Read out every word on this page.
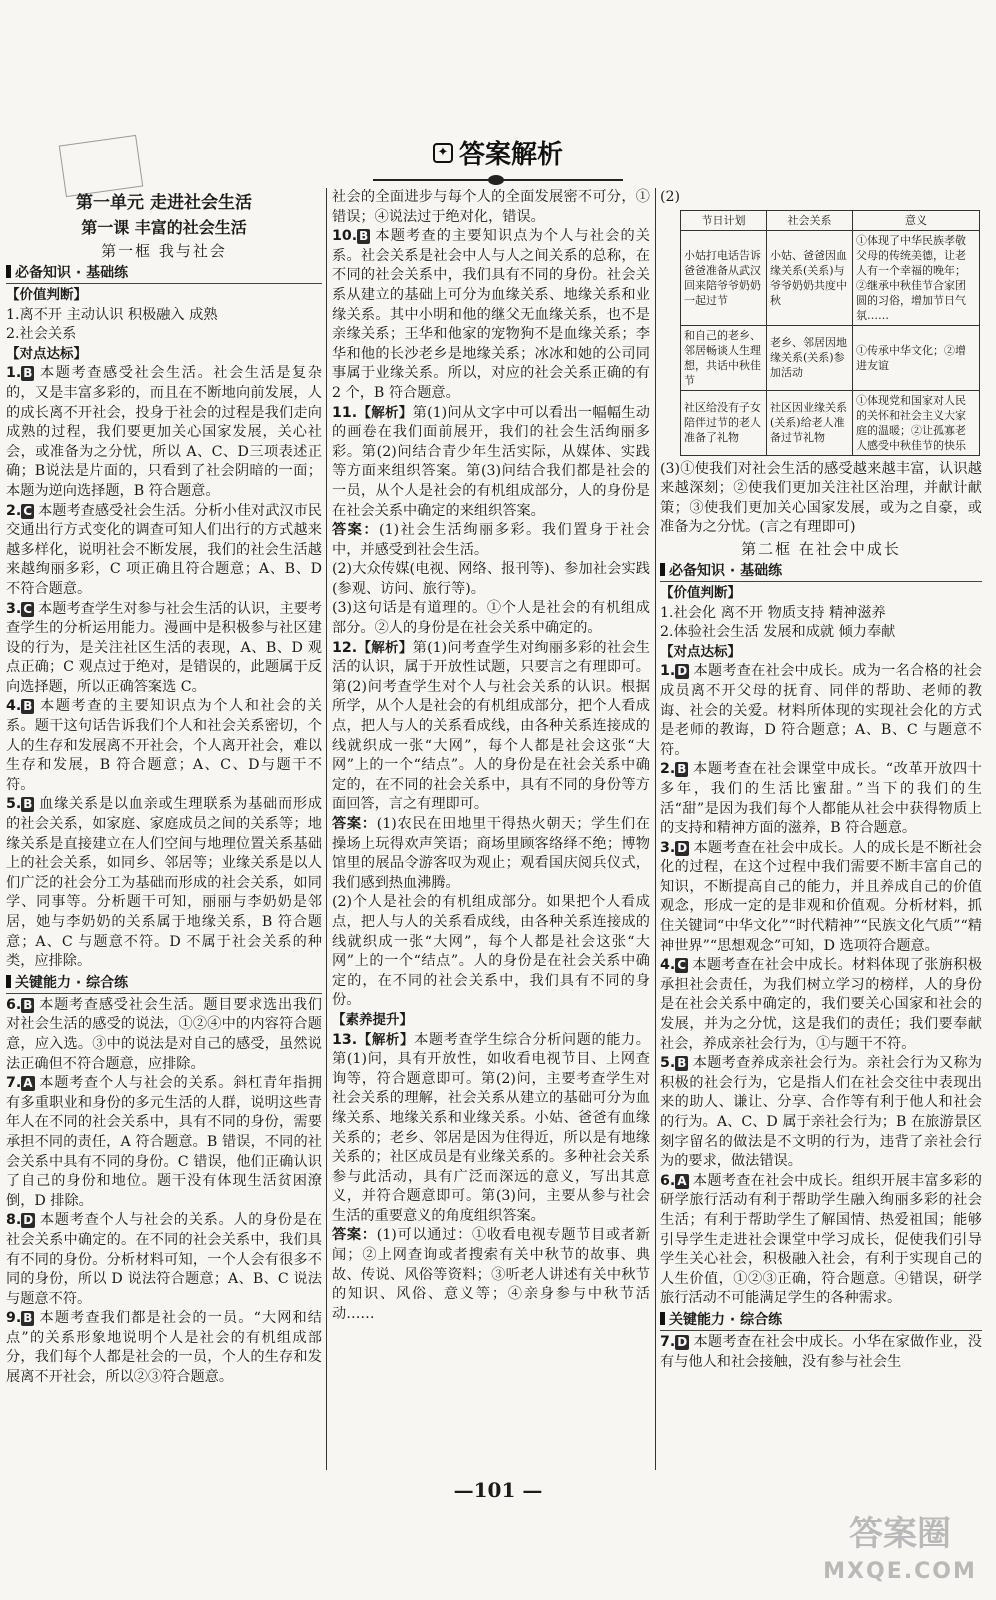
✦ 答案解析
第一单元 走进社会生活
第一课 丰富的社会生活
第一框 我与社会
必备知识 · 基础练
【价值判断】
1.离不开 主动认识 积极融入 成熟
2.社会关系
【对点达标】
1. B 本题考查感受社会生活。社会生活是复杂的，又是丰富多彩的，而且在不断地向前发展，人的成长离不开社会，投身于社会的过程是我们走向成熟的过程，我们要更加关心国家发展，关心社会，或准备为之分忧，所以 A、C、D三项表述正确；B说法是片面的，只看到了社会阴暗的一面；本题为逆向选择题，B 符合题意。
2. C 本题考查感受社会生活。分析小佳对武汉市民交通出行方式变化的调查可知人们出行的方式越来越多样化，说明社会不断发展，我们的社会生活越来越绚丽多彩，C 项正确且符合题意；A、B、D不符合题意。
3. C 本题考查学生对参与社会生活的认识，主要考查学生的分析运用能力。漫画中是积极参与社区建设的行为，是关注社区生活的表现，A、B、D 观点正确；C 观点过于绝对，是错误的，此题属于反向选择题，所以正确答案选 C。
4. B 本题考查的主要知识点为个人和社会的关系。题干这句话告诉我们个人和社会关系密切，个人的生存和发展离不开社会，个人离开社会，难以生存和发展，B 符合题意；A、C、D与题干不符。
5. B 血缘关系是以血亲或生理联系为基础而形成的社会关系，如家庭、家庭成员之间的关系等；地缘关系是直接建立在人们空间与地理位置关系基础上的社会关系，如同乡、邻居等；业缘关系是以人们广泛的社会分工为基础而形成的社会关系，如同学、同事等。分析题干可知，丽丽与李奶奶是邻居，她与李奶奶的关系属于地缘关系，B 符合题意；A、C 与题意不符。D 不属于社会关系的种类，应排除。
关键能力 · 综合练
6. B 本题考查感受社会生活。题目要求选出我们对社会生活的感受的说法，①②④中的内容符合题意，应入选。③中的说法是对自己的感受，虽然说法正确但不符合题意，应排除。
7. A 本题考查个人与社会的关系。斜杠青年指拥有多重职业和身份的多元生活的人群，说明这些青年人在不同的社会关系中，具有不同的身份，需要承担不同的责任，A 符合题意。B 错误，不同的社会关系中具有不同的身份。C 错误，他们正确认识了自己的身份和地位。题干没有体现生活贫困潦倒，D 排除。
8. D 本题考查个人与社会的关系。人的身份是在社会关系中确定的。在不同的社会关系中，我们具有不同的身份。分析材料可知，一个人会有很多不同的身份，所以 D 说法符合题意；A、B、C 说法与题意不符。
9. B 本题考查我们都是社会的一员。“大网和结点”的关系形象地说明个人是社会的有机组成部分，我们每个人都是社会的一员，个人的生存和发展离不开社会，所以②③符合题意。
社会的全面进步与每个人的全面发展密不可分，①错误；④说法过于绝对化，错误。
10. B 本题考查的主要知识点为个人与社会的关系。社会关系是社会中人与人之间关系的总称，在不同的社会关系中，我们具有不同的身份。社会关系从建立的基础上可分为血缘关系、地缘关系和业缘关系。其中小明和他的继父无血缘关系，也不是亲缘关系；王华和他家的宠物狗不是血缘关系；李华和他的长沙老乡是地缘关系；冰冰和她的公司同事属于业缘关系。所以，对应的社会关系正确的有 2 个，B 符合题意。
11.【解析】第(1)问从文字中可以看出一幅幅生动的画卷在我们面前展开，我们的社会生活绚丽多彩。第(2)问结合青少年生活实际，从媒体、实践等方面来组织答案。第(3)问结合我们都是社会的一员，从个人是社会的有机组成部分，人的身份是在社会关系中确定的来组织答案。
答案：(1)社会生活绚丽多彩。我们置身于社会中，并感受到社会生活。
(2)大众传媒(电视、网络、报刊等)、参加社会实践(参观、访问、旅行等)。
(3)这句话是有道理的。①个人是社会的有机组成部分。②人的身份是在社会关系中确定的。
12.【解析】第(1)问考查学生对绚丽多彩的社会生活的认识，属于开放性试题，只要言之有理即可。第(2)问考查学生对个人与社会关系的认识。根据所学，从个人是社会的有机组成部分，把个人看成点，把人与人的关系看成线，由各种关系连接成的线就织成一张“大网”，每个人都是社会这张“大网”上的一个“结点”。人的身份是在社会关系中确定的，在不同的社会关系中，具有不同的身份等方面回答，言之有理即可。
答案：(1)农民在田地里干得热火朝天；学生们在操场上玩得欢声笑语；商场里顾客络绎不绝；博物馆里的展品令游客叹为观止；观看国庆阅兵仪式，我们感到热血沸腾。
(2)个人是社会的有机组成部分。如果把个人看成点，把人与人的关系看成线，由各种关系连接成的线就织成一张“大网”，每个人都是社会这张“大网”上的一个“结点”。人的身份是在社会关系中确定的，在不同的社会关系中，我们具有不同的身份。
【素养提升】
13.【解析】本题考查学生综合分析问题的能力。第(1)问，具有开放性，如收看电视节目、上网查询等，符合题意即可。第(2)问，主要考查学生对社会关系的理解，社会关系从建立的基础可分为血缘关系、地缘关系和业缘关系。小姑、爸爸有血缘关系的；老乡、邻居是因为住得近，所以是有地缘关系的；社区成员是有业缘关系的。多种社会关系参与此活动，具有广泛而深远的意义，写出其意义，并符合题意即可。第(3)问，主要从参与社会生活的重要意义的角度组织答案。
答案：(1)可以通过：①收看电视专题节目或者新闻；②上网查询或者搜索有关中秋节的故事、典故、传说、风俗等资料；③听老人讲述有关中秋节的知识、风俗、意义等；④亲身参与中秋节活动……
(2)
节日计划	社会关系	意义
小姑打电话告诉爸爸准备从武汉回来陪爷爷奶奶一起过节	小姑、爸爸因血缘关系(关系)与爷爷奶奶共度中秋	①体现了中华民族孝敬父母的传统美德，让老人有一个幸福的晚年；②继承中秋佳节合家团圆的习俗，增加节日气氛……
和自己的老乡、邻居畅谈人生理想，共话中秋佳节	老乡、邻居因地缘关系(关系)参加活动	①传承中华文化；②增进友谊
社区给没有子女陪伴过节的老人准备了礼物	社区因业缘关系(关系)给老人准备过节礼物	①体现党和国家对人民的关怀和社会主义大家庭的温暖；②让孤寡老人感受中秋佳节的快乐
(3)①使我们对社会生活的感受越来越丰富，认识越来越深刻；②使我们更加关注社区治理，并献计献策；③使我们更加关心国家发展，或为之自豪，或准备为之分忧。(言之有理即可)
第二框 在社会中成长
必备知识 · 基础练
【价值判断】
1.社会化 离不开 物质支持 精神滋养
2.体验社会生活 发展和成就 倾力奉献
【对点达标】
1. D 本题考查在社会中成长。成为一名合格的社会成员离不开父母的抚育、同伴的帮助、老师的教诲、社会的关爱。材料所体现的实现社会化的方式是老师的教诲，D 符合题意；A、B、C 与题意不符。
2. B 本题考查在社会课堂中成长。“改革开放四十多年，我们的生活比蜜甜。”当下的我们的生活“甜”是因为我们每个人都能从社会中获得物质上的支持和精神方面的滋养，B 符合题意。
3. D 本题考查在社会中成长。人的成长是不断社会化的过程，在这个过程中我们需要不断丰富自己的知识，不断提高自己的能力，并且养成自己的价值观念，形成一定的是非观和价值观。分析材料，抓住关键词“中华文化”“时代精神”“民族文化气质”“精神世界”“思想观念”可知，D 选项符合题意。
4. C 本题考查在社会中成长。材料体现了张旃积极承担社会责任，为我们树立学习的榜样，人的身份是在社会关系中确定的，我们要关心国家和社会的发展，并为之分忧，这是我们的责任；我们要奉献社会，养成亲社会行为，①与题干不符。
5. B 本题考查养成亲社会行为。亲社会行为又称为积极的社会行为，它是指人们在社会交往中表现出来的助人、谦让、分享、合作等有利于他人和社会的行为。A、C、D 属于亲社会行为；B 在旅游景区刻字留名的做法是不文明的行为，违背了亲社会行为的要求，做法错误。
6. A 本题考查在社会中成长。组织开展丰富多彩的研学旅行活动有利于帮助学生融入绚丽多彩的社会生活；有利于帮助学生了解国情、热爱祖国；能够引导学生走进社会课堂中学习成长，促使我们引导学生关心社会，积极融入社会，有利于实现自己的人生价值，①②③正确，符合题意。④错误，研学旅行活动不可能满足学生的各种需求。
关键能力 · 综合练
7. D 本题考查在社会中成长。小华在家做作业，没有与他人和社会接触，没有参与社会生
—101 —
答案圈
MXQE.COM
